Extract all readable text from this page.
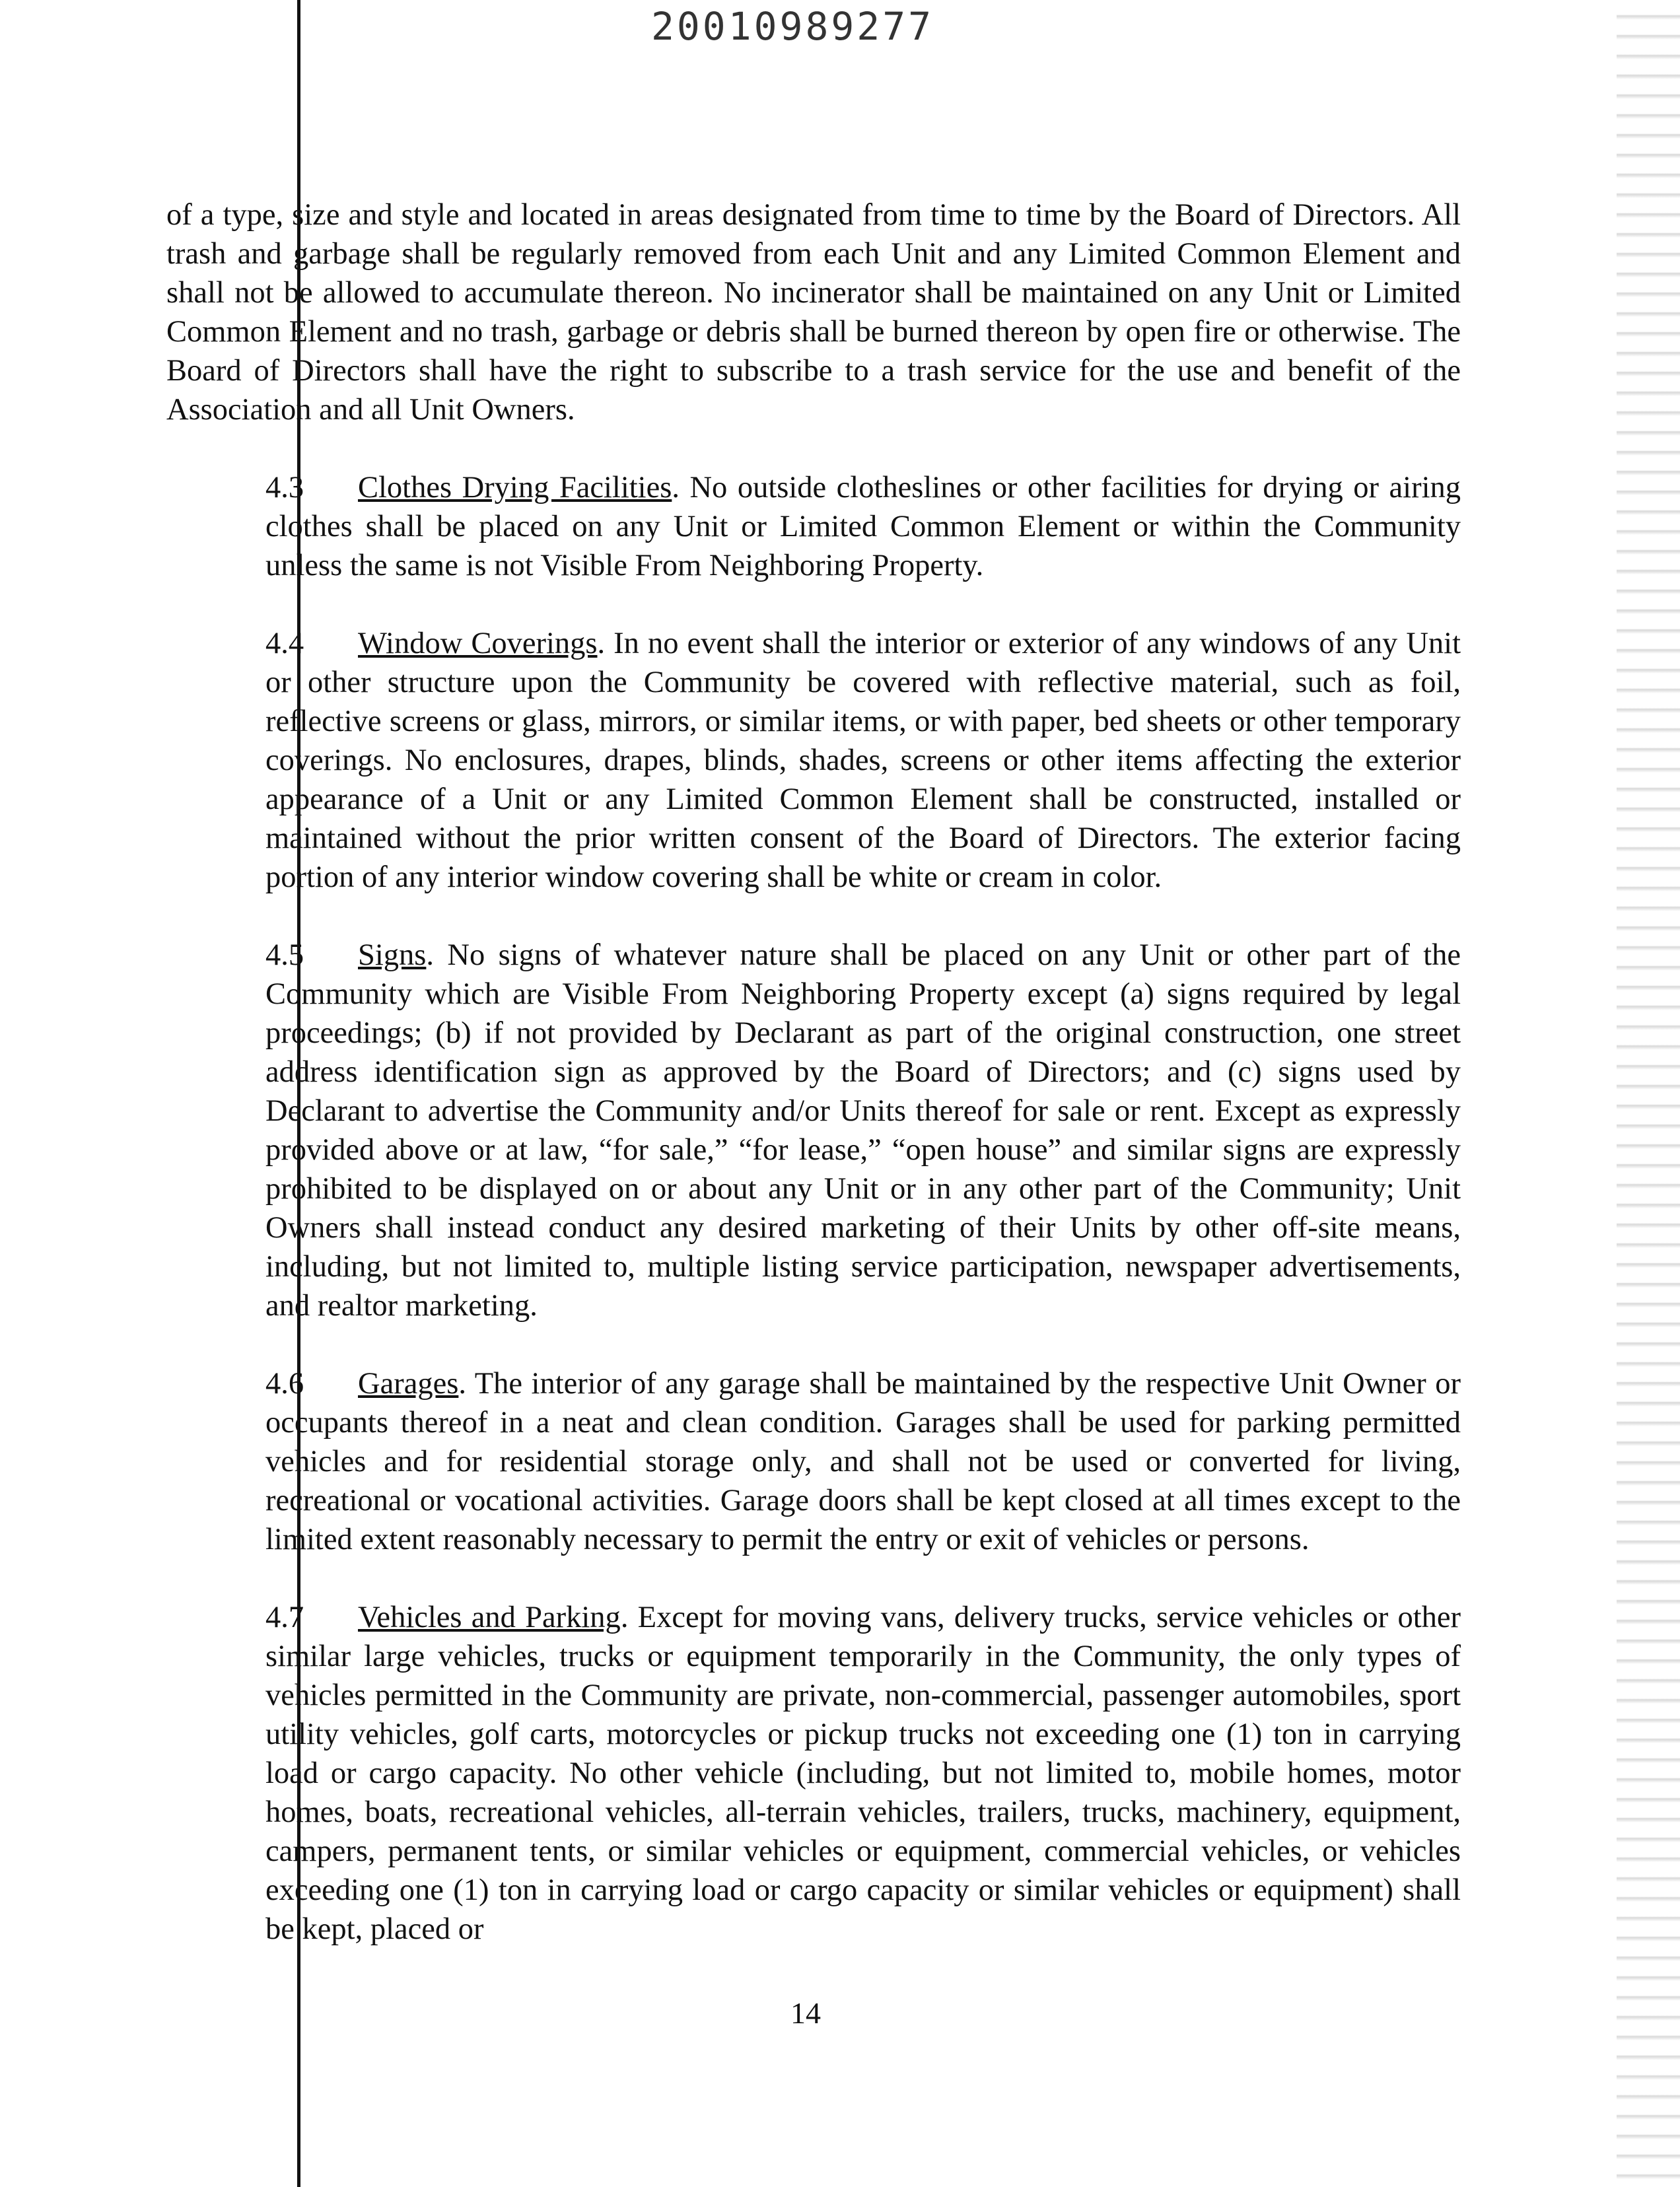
20010989277

of a type, size and style and located in areas designated from time to time by the Board of Directors. All trash and garbage shall be regularly removed from each Unit and any Limited Common Element and shall not be allowed to accumulate thereon. No incinerator shall be maintained on any Unit or Limited Common Element and no trash, garbage or debris shall be burned thereon by open fire or otherwise. The Board of Directors shall have the right to subscribe to a trash service for the use and benefit of the Association and all Unit Owners.

4.3 Clothes Drying Facilities. No outside clotheslines or other facilities for drying or airing clothes shall be placed on any Unit or Limited Common Element or within the Community unless the same is not Visible From Neighboring Property.

4.4 Window Coverings. In no event shall the interior or exterior of any windows of any Unit or other structure upon the Community be covered with reflective material, such as foil, reflective screens or glass, mirrors, or similar items, or with paper, bed sheets or other temporary coverings. No enclosures, drapes, blinds, shades, screens or other items affecting the exterior appearance of a Unit or any Limited Common Element shall be constructed, installed or maintained without the prior written consent of the Board of Directors. The exterior facing portion of any interior window covering shall be white or cream in color.

4.5 Signs. No signs of whatever nature shall be placed on any Unit or other part of the Community which are Visible From Neighboring Property except (a) signs required by legal proceedings; (b) if not provided by Declarant as part of the original construction, one street address identification sign as approved by the Board of Directors; and (c) signs used by Declarant to advertise the Community and/or Units thereof for sale or rent. Except as expressly provided above or at law, “for sale,” “for lease,” “open house” and similar signs are expressly prohibited to be displayed on or about any Unit or in any other part of the Community; Unit Owners shall instead conduct any desired marketing of their Units by other off-site means, including, but not limited to, multiple listing service participation, newspaper advertisements, and realtor marketing.

4.6 Garages. The interior of any garage shall be maintained by the respective Unit Owner or occupants thereof in a neat and clean condition. Garages shall be used for parking permitted vehicles and for residential storage only, and shall not be used or converted for living, recreational or vocational activities. Garage doors shall be kept closed at all times except to the limited extent reasonably necessary to permit the entry or exit of vehicles or persons.

4.7 Vehicles and Parking. Except for moving vans, delivery trucks, service vehicles or other similar large vehicles, trucks or equipment temporarily in the Community, the only types of vehicles permitted in the Community are private, non-commercial, passenger automobiles, sport utility vehicles, golf carts, motorcycles or pickup trucks not exceeding one (1) ton in carrying load or cargo capacity. No other vehicle (including, but not limited to, mobile homes, motor homes, boats, recreational vehicles, all-terrain vehicles, trailers, trucks, machinery, equipment, campers, permanent tents, or similar vehicles or equipment, commercial vehicles, or vehicles exceeding one (1) ton in carrying load or cargo capacity or similar vehicles or equipment) shall be kept, placed or

14
